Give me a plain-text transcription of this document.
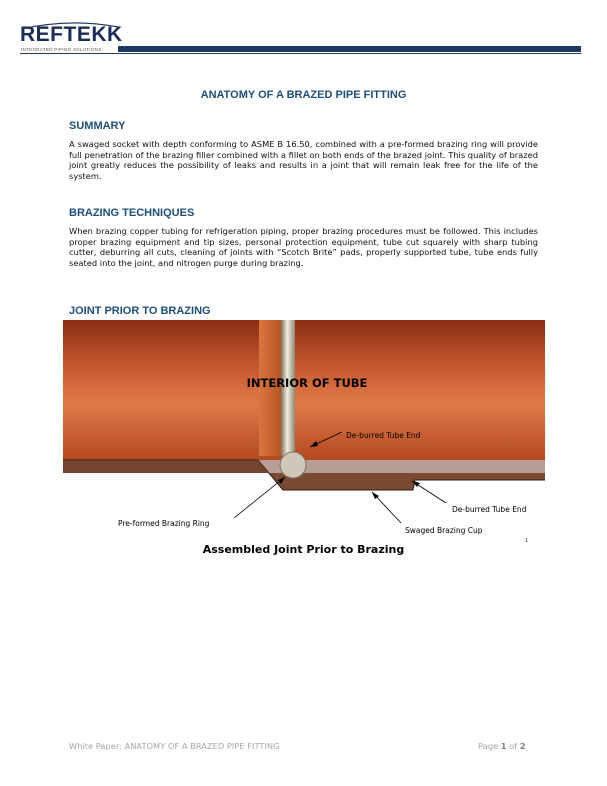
REFTEKK
INTEGRATED PIPING SOLUTIONS
ANATOMY OF A BRAZED PIPE FITTING
SUMMARY
A swaged socket with depth conforming to ASME B 16.50, combined with a pre-formed brazing ring will provide full penetration of the brazing filler combined with a fillet on both ends of the brazed joint. This quality of brazed joint greatly reduces the possibility of leaks and results in a joint that will remain leak free for the life of the system.
BRAZING TECHNIQUES
When brazing copper tubing for refrigeration piping, proper brazing procedures must be followed. This includes proper brazing equipment and tip sizes, personal protection equipment, tube cut squarely with sharp tubing cutter, deburring all cuts, cleaning of joints with “Scotch Brite” pads, properly supported tube, tube ends fully seated into the joint, and nitrogen purge during brazing.
JOINT PRIOR TO BRAZING
INTERIOR OF TUBE
De-burred Tube End
De-burred Tube End
Pre-formed Brazing Ring
Swaged Brazing Cup
1
Assembled Joint Prior to Brazing
White Paper: ANATOMY OF A BRAZED PIPE FITTING	Page 1 of 2
